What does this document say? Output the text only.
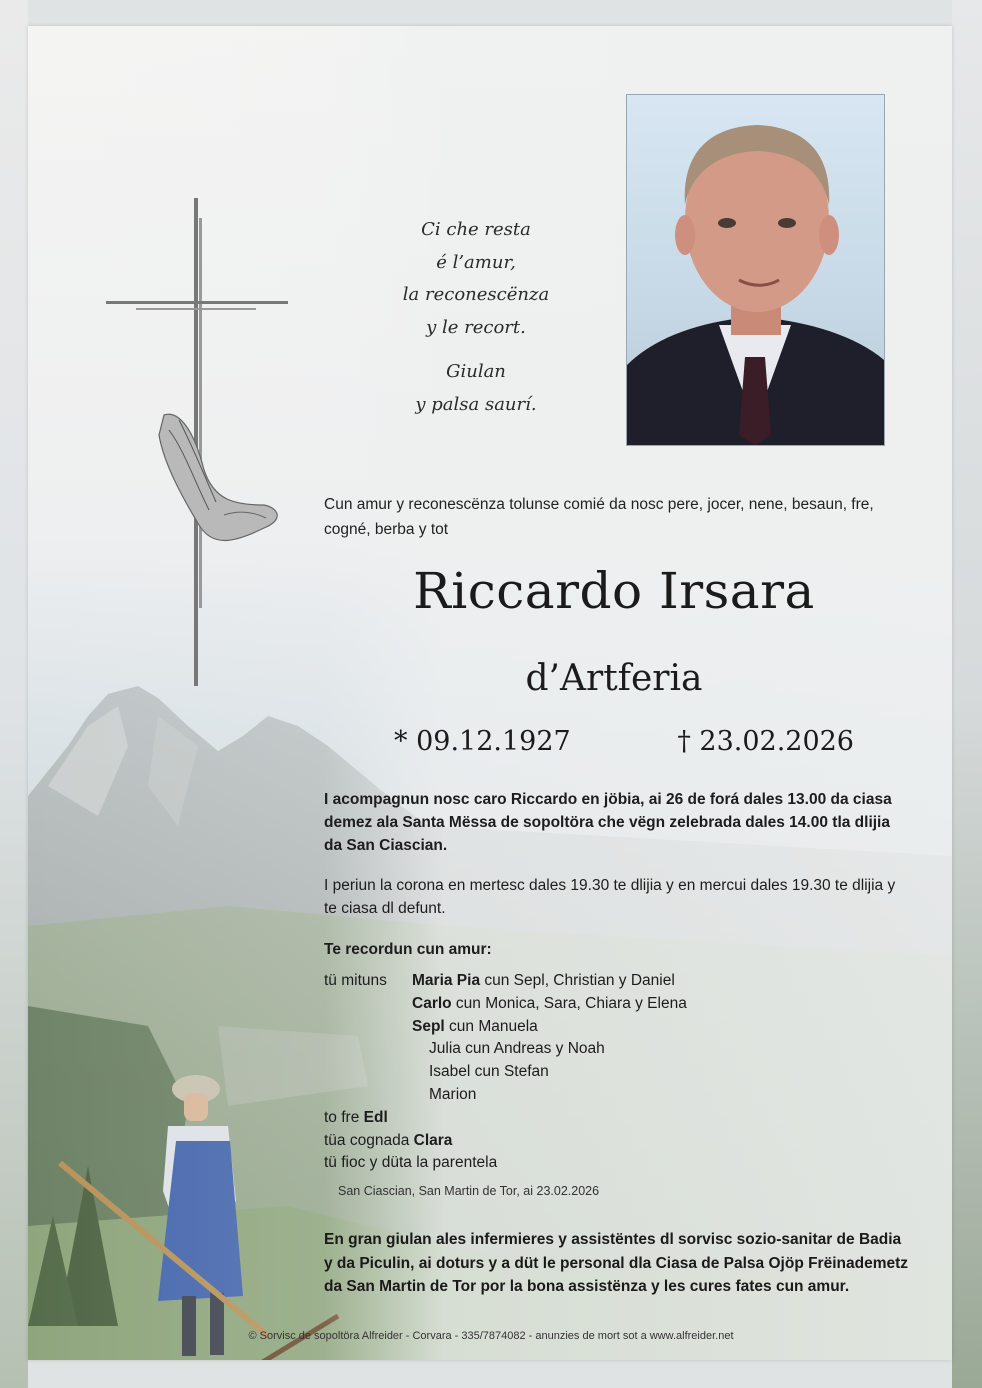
Ci che resta
é l’amur,
la reconescënza
y le recort.
Giulan
y palsa saurí.
Cun amur y reconescënza tolunse comié da nosc pere, jocer, nene, besaun, fre, cogné, berba y tot
Riccardo Irsara
d’Artferia
* 09.12.1927	† 23.02.2026
I acompagnun nosc caro Riccardo en jöbia, ai 26 de forá dales 13.00 da ciasa demez ala Santa Mëssa de sopoltöra che vëgn zelebrada dales 14.00 tla dlijia da San Ciascian.
I periun la corona en mertesc dales 19.30 te dlijia y en mercui dales 19.30 te dlijia y te ciasa dl defunt.
Te recordun cun amur:
tü mituns Maria Pia cun Sepl, Christian y Daniel
Carlo cun Monica, Sara, Chiara y Elena
Sepl cun Manuela
Julia cun Andreas y Noah
Isabel cun Stefan
Marion
to fre Edl
tüa cognada Clara
tü fioc y düta la parentela
San Ciascian, San Martin de Tor, ai 23.02.2026
En gran giulan ales infermieres y assistëntes dl sorvisc sozio-sanitar de Badia y da Piculin, ai doturs y a düt le personal dla Ciasa de Palsa Ojöp Frëinademetz da San Martin de Tor por la bona assistënza y les cures fates cun amur.
© Sorvisc de sopoltöra Alfreider - Corvara - 335/7874082 - anunzies de mort sot a www.alfreider.net
